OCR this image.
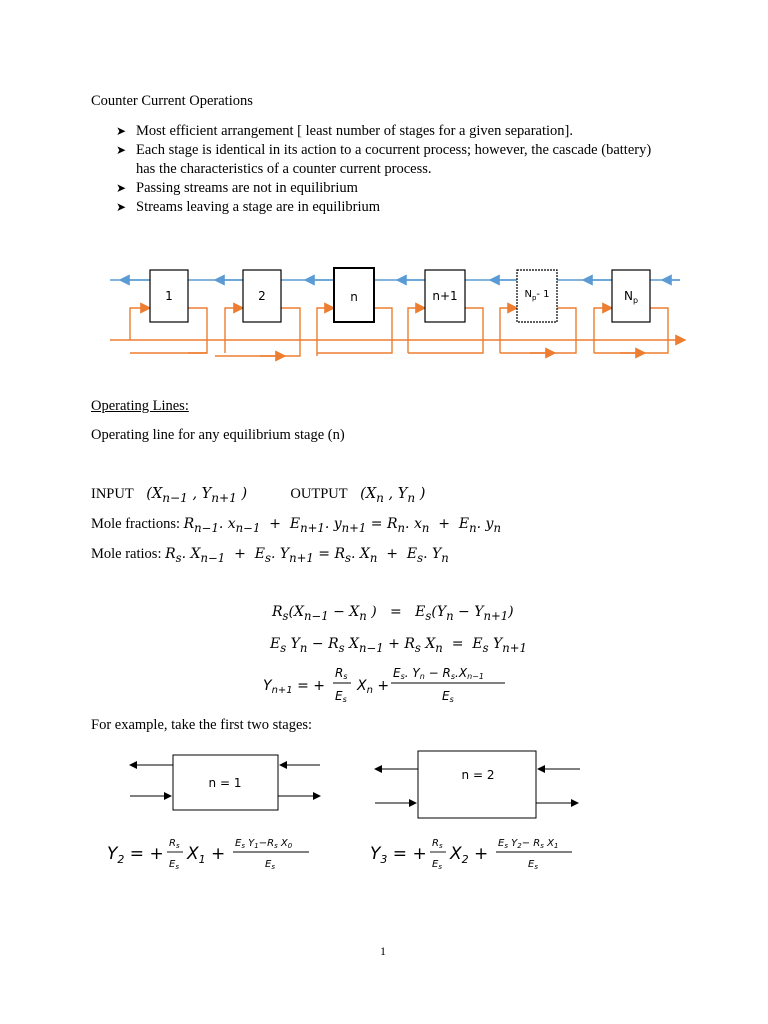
Counter Current Operations
➤ Most efficient arrangement [ least number of stages for a given separation].
➤ Each stage is identical in its action to a cocurrent process; however, the cascade (battery)
has the characteristics of a counter current process.
➤ Passing streams are not in equilibrium
➤ Streams leaving a stage are in equilibrium
1	2	n	n+1	$N_p-$ 1	$N_p$
Operating Lines:
Operating line for any equilibrium stage (n)
INPUT   ($X_{n-1}$ , $Y_{n+1}$ )	OUTPUT   ($X_n$ , $Y_n$ )
Mole fractions: $R_{n-1}$. $x_{n-1} + E_{n+1}$. $y_{n+1} = R_n$. $x_n + E_n$. $y_n$
Mole ratios: $R_s$. $X_{n-1} + E_s$. $Y_{n+1} = R_s$. $X_n + E_s$. $Y_n$
$R_s(X_{n-1} - X_n$ )   =   $E_s(Y_n - Y_{n+1})$
$E_s$ $Y_n - R_s$ $X_{n-1} + R_s$ $X_n = E_s$ $Y_{n+1}$
$Y_{n+1}$ = +
Rs
Es
$X_n$ +
Es. Yn − Rs.Xn−1
Es
For example, take the first two stages:
n = 1
n = 2
$Y_2$ = +
$R_s$
$E_s$
$X_1$ +
$E_s$ $Y_1-R_s$ $X_0$
$E_s$
$Y_3$ = +
$R_s$
$E_s$
$X_2$ +
$E_s$ $Y_2- R_s$ $X_1$
$E_s$
1
